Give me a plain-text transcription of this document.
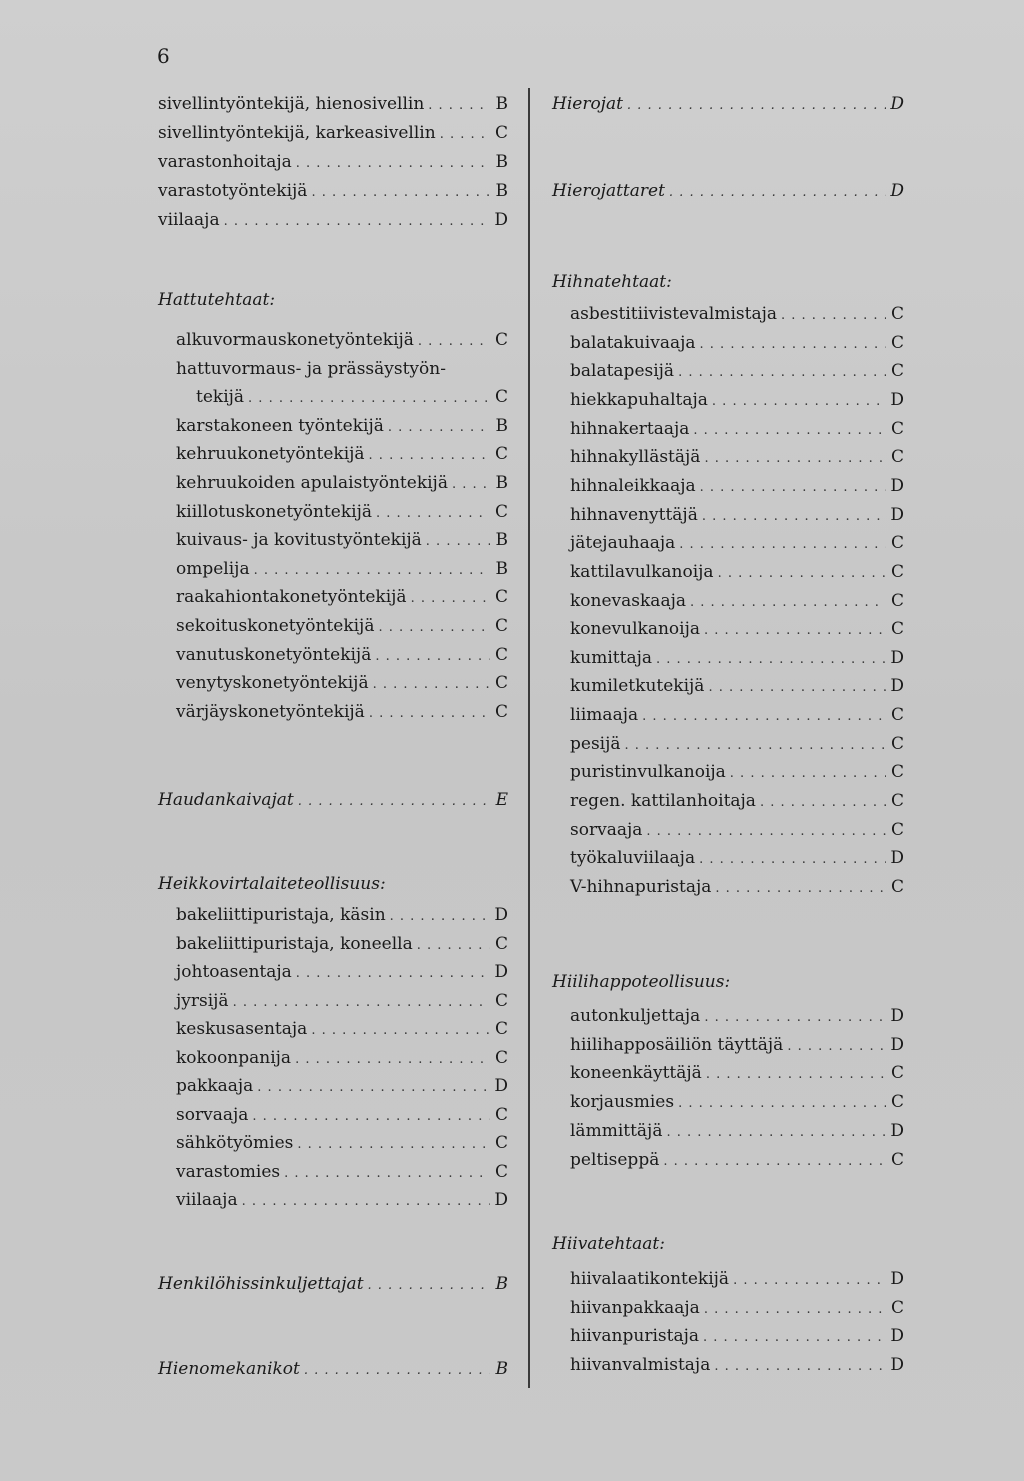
6
sivellintyöntekijä, hienosivellin . . .	B
sivellintyöntekijä, karkeasivellin . . .	C
varastonhoitaja . . .	B
varastotyöntekijä . . .	B
viilaaja . . .	D
Hattutehtaat:
alkuvormauskonetyöntekijä . . .	C
hattuvormaus- ja prässäystyön-
tekijä . . .	C
karstakoneen työntekijä . . .	B
kehruukonetyöntekijä . . .	C
kehruukoiden apulaistyöntekijä . . .	B
kiillotuskonetyöntekijä . . .	C
kuivaus- ja kovitustyöntekijä . . .	B
ompelija . . .	B
raakahiontakonetyöntekijä . . .	C
sekoituskonetyöntekijä . . .	C
vanutuskonetyöntekijä . . .	C
venytyskonetyöntekijä . . .	C
värjäyskonetyöntekijä . . .	C
Haudankaivajat . . .	E
Heikkovirtalaiteteollisuus:
bakeliittipuristaja, käsin . . .	D
bakeliittipuristaja, koneella . . .	C
johtoasentaja . . .	D
jyrsijä . . .	C
keskusasentaja . . .	C
kokoonpanija . . .	C
pakkaaja . . .	D
sorvaaja . . .	C
sähkötyömies . . .	C
varastomies . . .	C
viilaaja . . .	D
Henkilöhissinkuljettajat . . .	B
Hienomekanikot . . .	B
Hierojat . . .	D
Hierojattaret . . .	D
Hihnatehtaat:
asbestitiivistevalmistaja . . .	C
balatakuivaaja . . .	C
balatapesijä . . .	C
hiekkapuhaltaja . . .	D
hihnakertaaja . . .	C
hihnakyllästäjä . . .	C
hihnaleikkaaja . . .	D
hihnavenyttäjä . . .	D
jätejauhaaja . . .	C
kattilavulkanoija . . .	C
konevaskaaja . . .	C
konevulkanoija . . .	C
kumittaja . . .	D
kumiletkutekijä . . .	D
liimaaja . . .	C
pesijä . . .	C
puristinvulkanoija . . .	C
regen. kattilanhoitaja . . .	C
sorvaaja . . .	C
työkaluviilaaja . . .	D
V-hihnapuristaja . . .	C
Hiilihappoteollisuus:
autonkuljettaja . . .	D
hiilihapposäiliön täyttäjä . . .	D
koneenkäyttäjä . . .	C
korjausmies . . .	C
lämmittäjä . . .	D
peltiseppä . . .	C
Hiivatehtaat:
hiivalaatikontekijä . . .	D
hiivanpakkaaja . . .	C
hiivanpuristaja . . .	D
hiivanvalmistaja . . .	D
